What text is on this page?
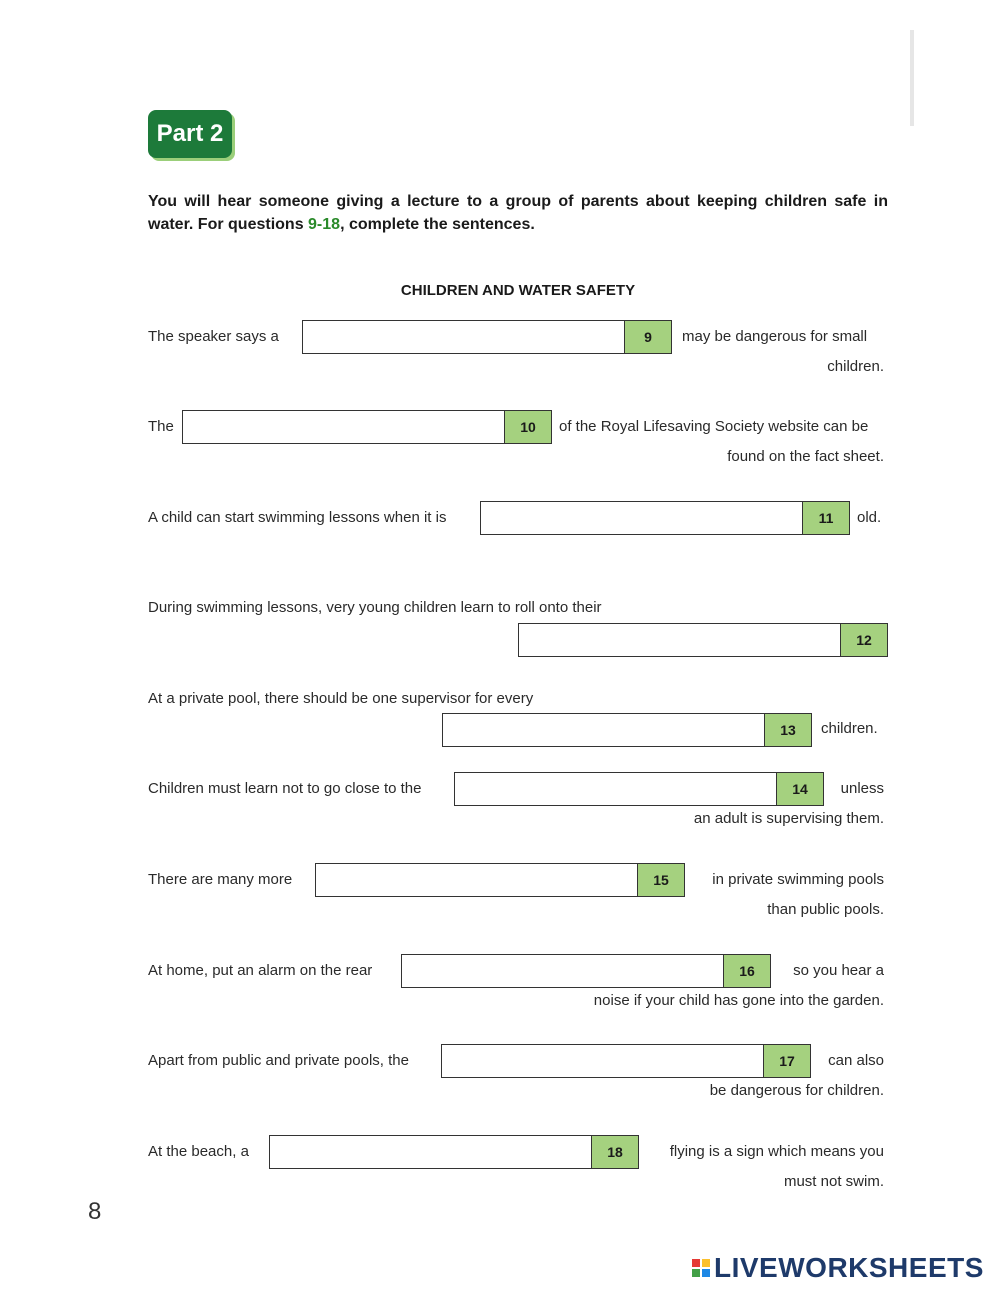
Part 2
You will hear someone giving a lecture to a group of parents about keeping children safe in water. For questions 9-18, complete the sentences.
CHILDREN AND WATER SAFETY
The speaker says a	9	may be dangerous for small
children.
The	10	of the Royal Lifesaving Society website can be
found on the fact sheet.
A child can start swimming lessons when it is	11	old.
During swimming lessons, very young children learn to roll onto their
12
At a private pool, there should be one supervisor for every
13	children.
Children must learn not to go close to the	14	unless
an adult is supervising them.
There are many more	15	in private swimming pools
than public pools.
At home, put an alarm on the rear	16	so you hear a
noise if your child has gone into the garden.
Apart from public and private pools, the	17	can also
be dangerous for children.
At the beach, a	18	flying is a sign which means you
must not swim.
8
LIVEWORKSHEETS
